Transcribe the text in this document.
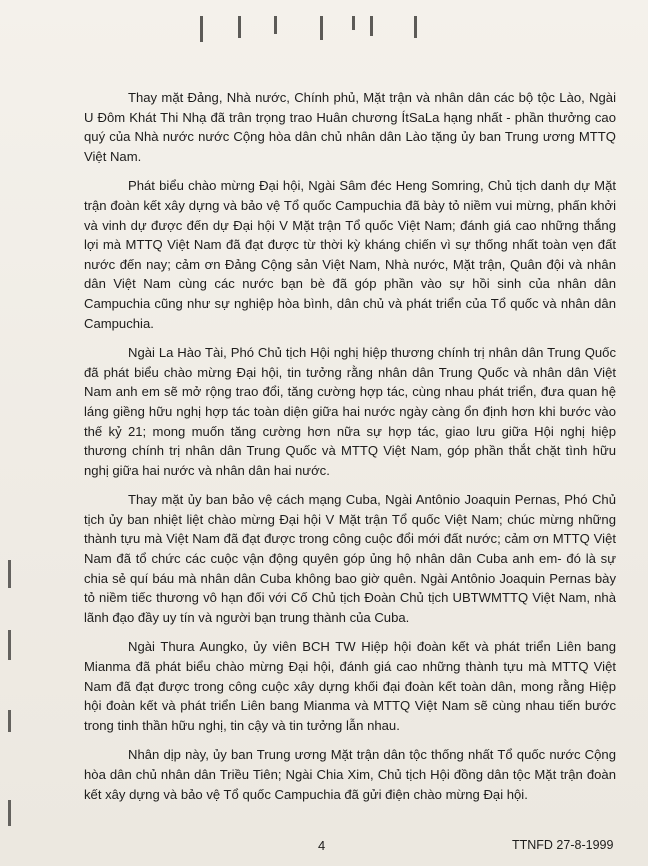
Thay mặt Đảng, Nhà nước, Chính phủ, Mặt trận và nhân dân các bộ tộc Lào, Ngài U Đôm Khát Thi Nhạ đã trân trọng trao Huân chương ÍtSaLa hạng nhất - phần thưởng cao quý của Nhà nước nước Cộng hòa dân chủ nhân dân Lào tặng ủy ban Trung ương MTTQ Việt Nam.

Phát biểu chào mừng Đại hội, Ngài Sâm đéc Heng Somring, Chủ tịch danh dự Mặt trận đoàn kết xây dựng và bảo vệ Tổ quốc Campuchia đã bày tỏ niềm vui mừng, phấn khởi và vinh dự được đến dự Đại hội V Mặt trận Tổ quốc Việt Nam; đánh giá cao những thắng lợi mà MTTQ Việt Nam đã đạt được từ thời kỳ kháng chiến vì sự thống nhất toàn vẹn đất nước đến nay; cảm ơn Đảng Cộng sản Việt Nam, Nhà nước, Mặt trận, Quân đội và nhân dân Việt Nam cùng các nước bạn bè đã góp phần vào sự hồi sinh của nhân dân Campuchia cũng như sự nghiệp hòa bình, dân chủ và phát triển của Tổ quốc và nhân dân Campuchia.

Ngài La Hào Tài, Phó Chủ tịch Hội nghị hiệp thương chính trị nhân dân Trung Quốc đã phát biểu chào mừng Đại hội, tin tưởng rằng nhân dân Trung Quốc và nhân dân Việt Nam anh em sẽ mở rộng trao đổi, tăng cường hợp tác, cùng nhau phát triển, đưa quan hệ láng giềng hữu nghị hợp tác toàn diện giữa hai nước ngày càng ổn định hơn khi bước vào thế kỷ 21; mong muốn tăng cường hơn nữa sự hợp tác, giao lưu giữa Hội nghị hiệp thương chính trị nhân dân Trung Quốc và MTTQ Việt Nam, góp phần thắt chặt tình hữu nghị giữa hai nước và nhân dân hai nước.

Thay mặt ủy ban bảo vệ cách mạng Cuba, Ngài Antônio Joaquin Pernas, Phó Chủ tịch ủy ban nhiệt liệt chào mừng Đại hội V Mặt trận Tổ quốc Việt Nam; chúc mừng những thành tựu mà Việt Nam đã đạt được trong công cuộc đổi mới đất nước; cảm ơn MTTQ Việt Nam đã tổ chức các cuộc vận động quyên góp ủng hộ nhân dân Cuba anh em- đó là sự chia sẻ quí báu mà nhân dân Cuba không bao giờ quên. Ngài Antônio Joaquin Pernas bày tỏ niềm tiếc thương vô hạn đối với Cố Chủ tịch Đoàn Chủ tịch UBTWMTTQ Việt Nam, nhà lãnh đạo đầy uy tín và người bạn trung thành của Cuba.

Ngài Thura Aungko, ủy viên BCH TW Hiệp hội đoàn kết và phát triển Liên bang Mianma đã phát biểu chào mừng Đại hội, đánh giá cao những thành tựu mà MTTQ Việt Nam đã đạt được trong công cuộc xây dựng khối đại đoàn kết toàn dân, mong rằng Hiệp hội đoàn kết và phát triển Liên bang Mianma và MTTQ Việt Nam sẽ cùng nhau tiến bước trong tinh thần hữu nghị, tin cậy và tin tưởng lẫn nhau.

Nhân dịp này, ủy ban Trung ương Mặt trận dân tộc thống nhất Tổ quốc nước Cộng hòa dân chủ nhân dân Triều Tiên; Ngài Chia Xim, Chủ tịch Hội đồng dân tộc Mặt trận đoàn kết xây dựng và bảo vệ Tổ quốc Campuchia đã gửi điện chào mừng Đại hội.

4	TTNFD 27-8-1999
